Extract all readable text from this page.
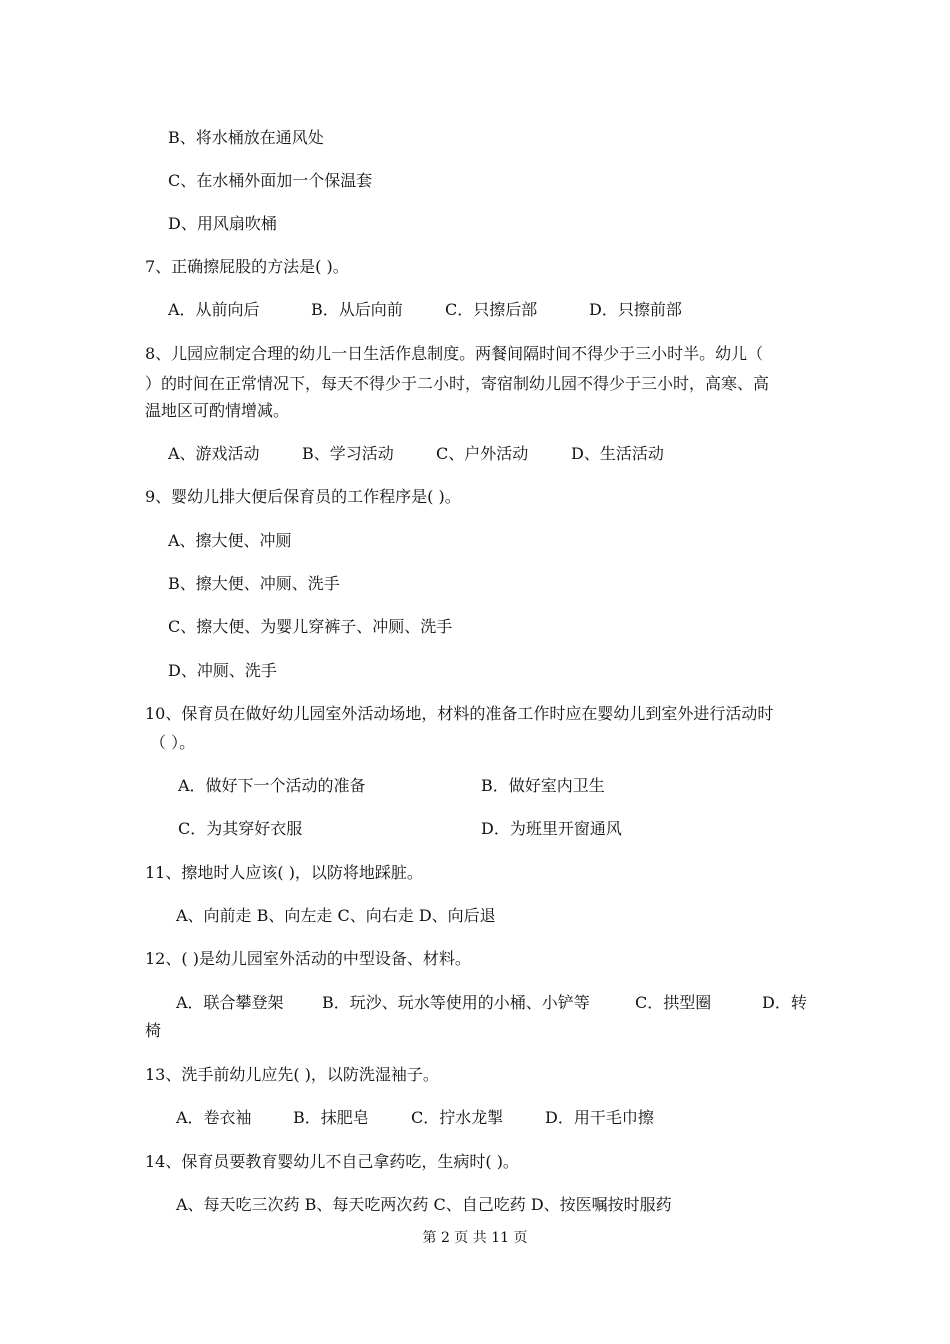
B、将水桶放在通风处
C、在水桶外面加一个保温套
D、用风扇吹桶
7、正确擦屁股的方法是( )。
A．从前向后	B．从后向前	C．只擦后部	D．只擦前部
8、儿园应制定合理的幼儿一日生活作息制度。两餐间隔时间不得少于三小时半。幼儿（
）的时间在正常情况下，每天不得少于二小时，寄宿制幼儿园不得少于三小时，高寒、高
温地区可酌情增减。
A、游戏活动	B、学习活动	C、户外活动	D、生活活动
9、婴幼儿排大便后保育员的工作程序是( )。
A、擦大便、冲厕
B、擦大便、冲厕、洗手
C、擦大便、为婴儿穿裤子、冲厕、洗手
D、冲厕、洗手
10、保育员在做好幼儿园室外活动场地，材料的准备工作时应在婴幼儿到室外进行活动时
（ ）。
A．做好下一个活动的准备	B．做好室内卫生
C．为其穿好衣服	D．为班里开窗通风
11、擦地时人应该( )，以防将地踩脏。
A、向前走 B、向左走 C、向右走 D、向后退
12、( )是幼儿园室外活动的中型设备、材料。
A．联合攀登架 B．玩沙、玩水等使用的小桶、小铲等	C．拱型圈	D．转
椅
13、洗手前幼儿应先( )，以防洗湿袖子。
A．卷衣袖	B．抹肥皂	C．拧水龙掣	D．用干毛巾擦
14、保育员要教育婴幼儿不自己拿药吃，生病时( )。
A、每天吃三次药 B、每天吃两次药 C、自己吃药 D、按医嘱按时服药
第 2 页 共 11 页
